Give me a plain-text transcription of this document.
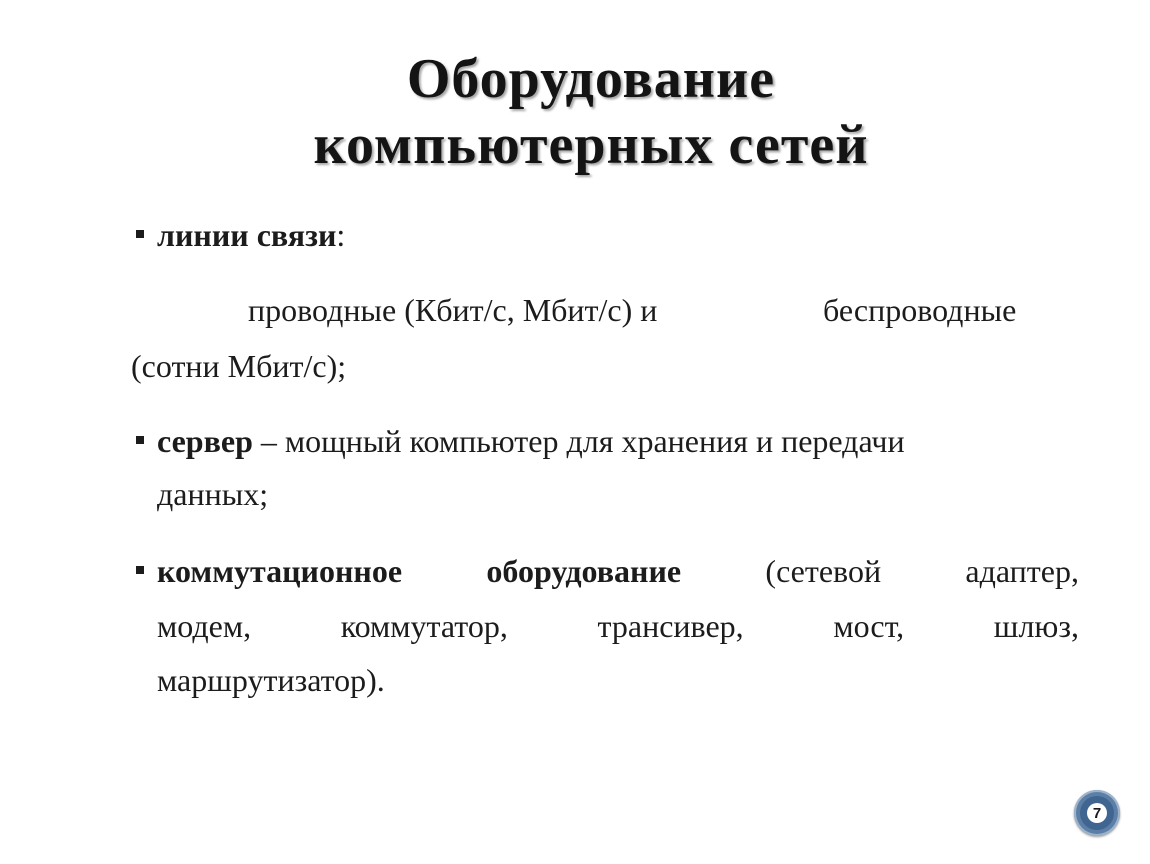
Оборудование
компьютерных сетей
линии связи:
проводные (Кбит/с, Мбит/с) и	беспроводные
(сотни Мбит/с);
сервер – мощный компьютер для хранения и передачи
данных;
коммутационное	оборудование	(сетевой	адаптер,
модем,	коммутатор,	трансивер,	мост,	шлюз,
маршрутизатор).
7
